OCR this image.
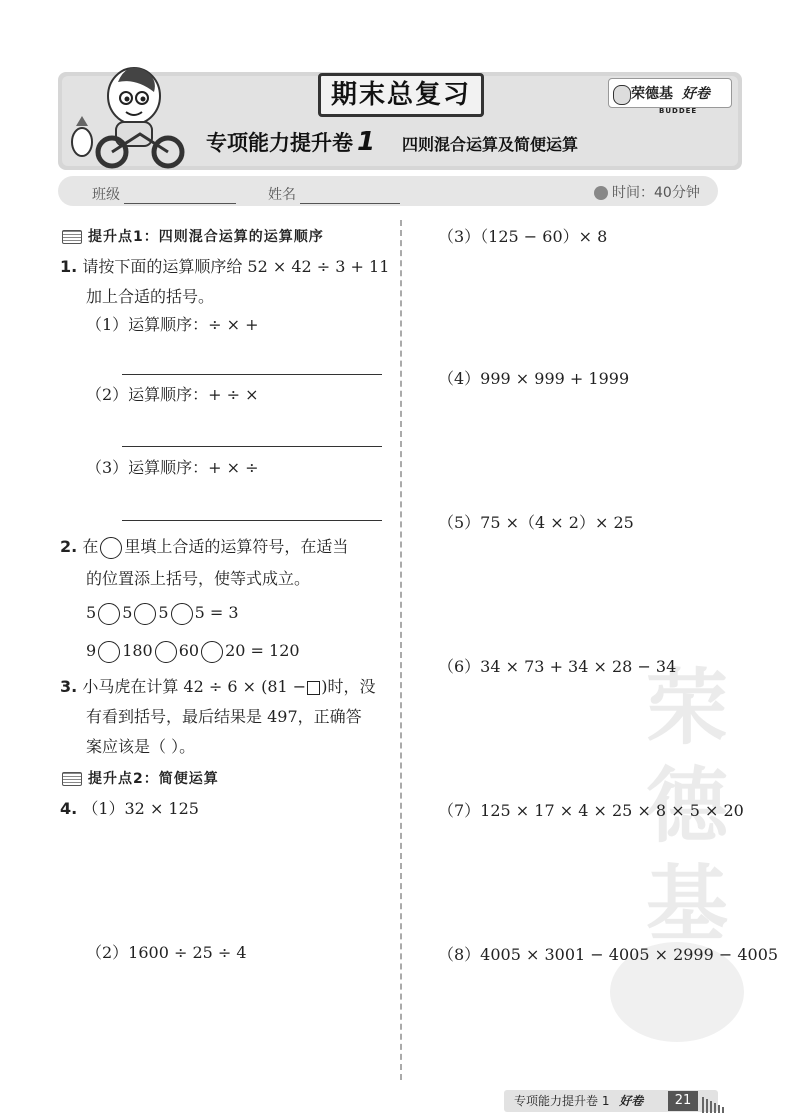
期末总复习	荣德基
BUDDEE
好卷
专项能力提升卷 1 四则混合运算及简便运算
班级	姓名	时间：40分钟
荣
德
基
提升点1：四则混合运算的运算顺序
1. 请按下面的运算顺序给 52 × 42 ÷ 3 + 11
加上合适的括号。
（1）运算顺序：÷ × +
（2）运算顺序：+ ÷ ×
（3）运算顺序：+ × ÷
2. 在 里填上合适的运算符号，在适当
的位置添上括号，使等式成立。
5 5 5 5 = 3
9 180 60 20 = 120
3. 小马虎在计算 42 ÷ 6 × (81 − )时，没
有看到括号，最后结果是 497，正确答
案应该是（ ）。
提升点2：简便运算
4. （1）32 × 125
（2）1600 ÷ 25 ÷ 4
（3）（125 − 60）× 8
（4）999 × 999 + 1999
（5）75 ×（4 × 2）× 25
（6）34 × 73 + 34 × 28 − 34
（7）125 × 17 × 4 × 25 × 8 × 5 × 20
（8）4005 × 3001 − 4005 × 2999 − 4005
专项能力提升卷 1 好卷	21
